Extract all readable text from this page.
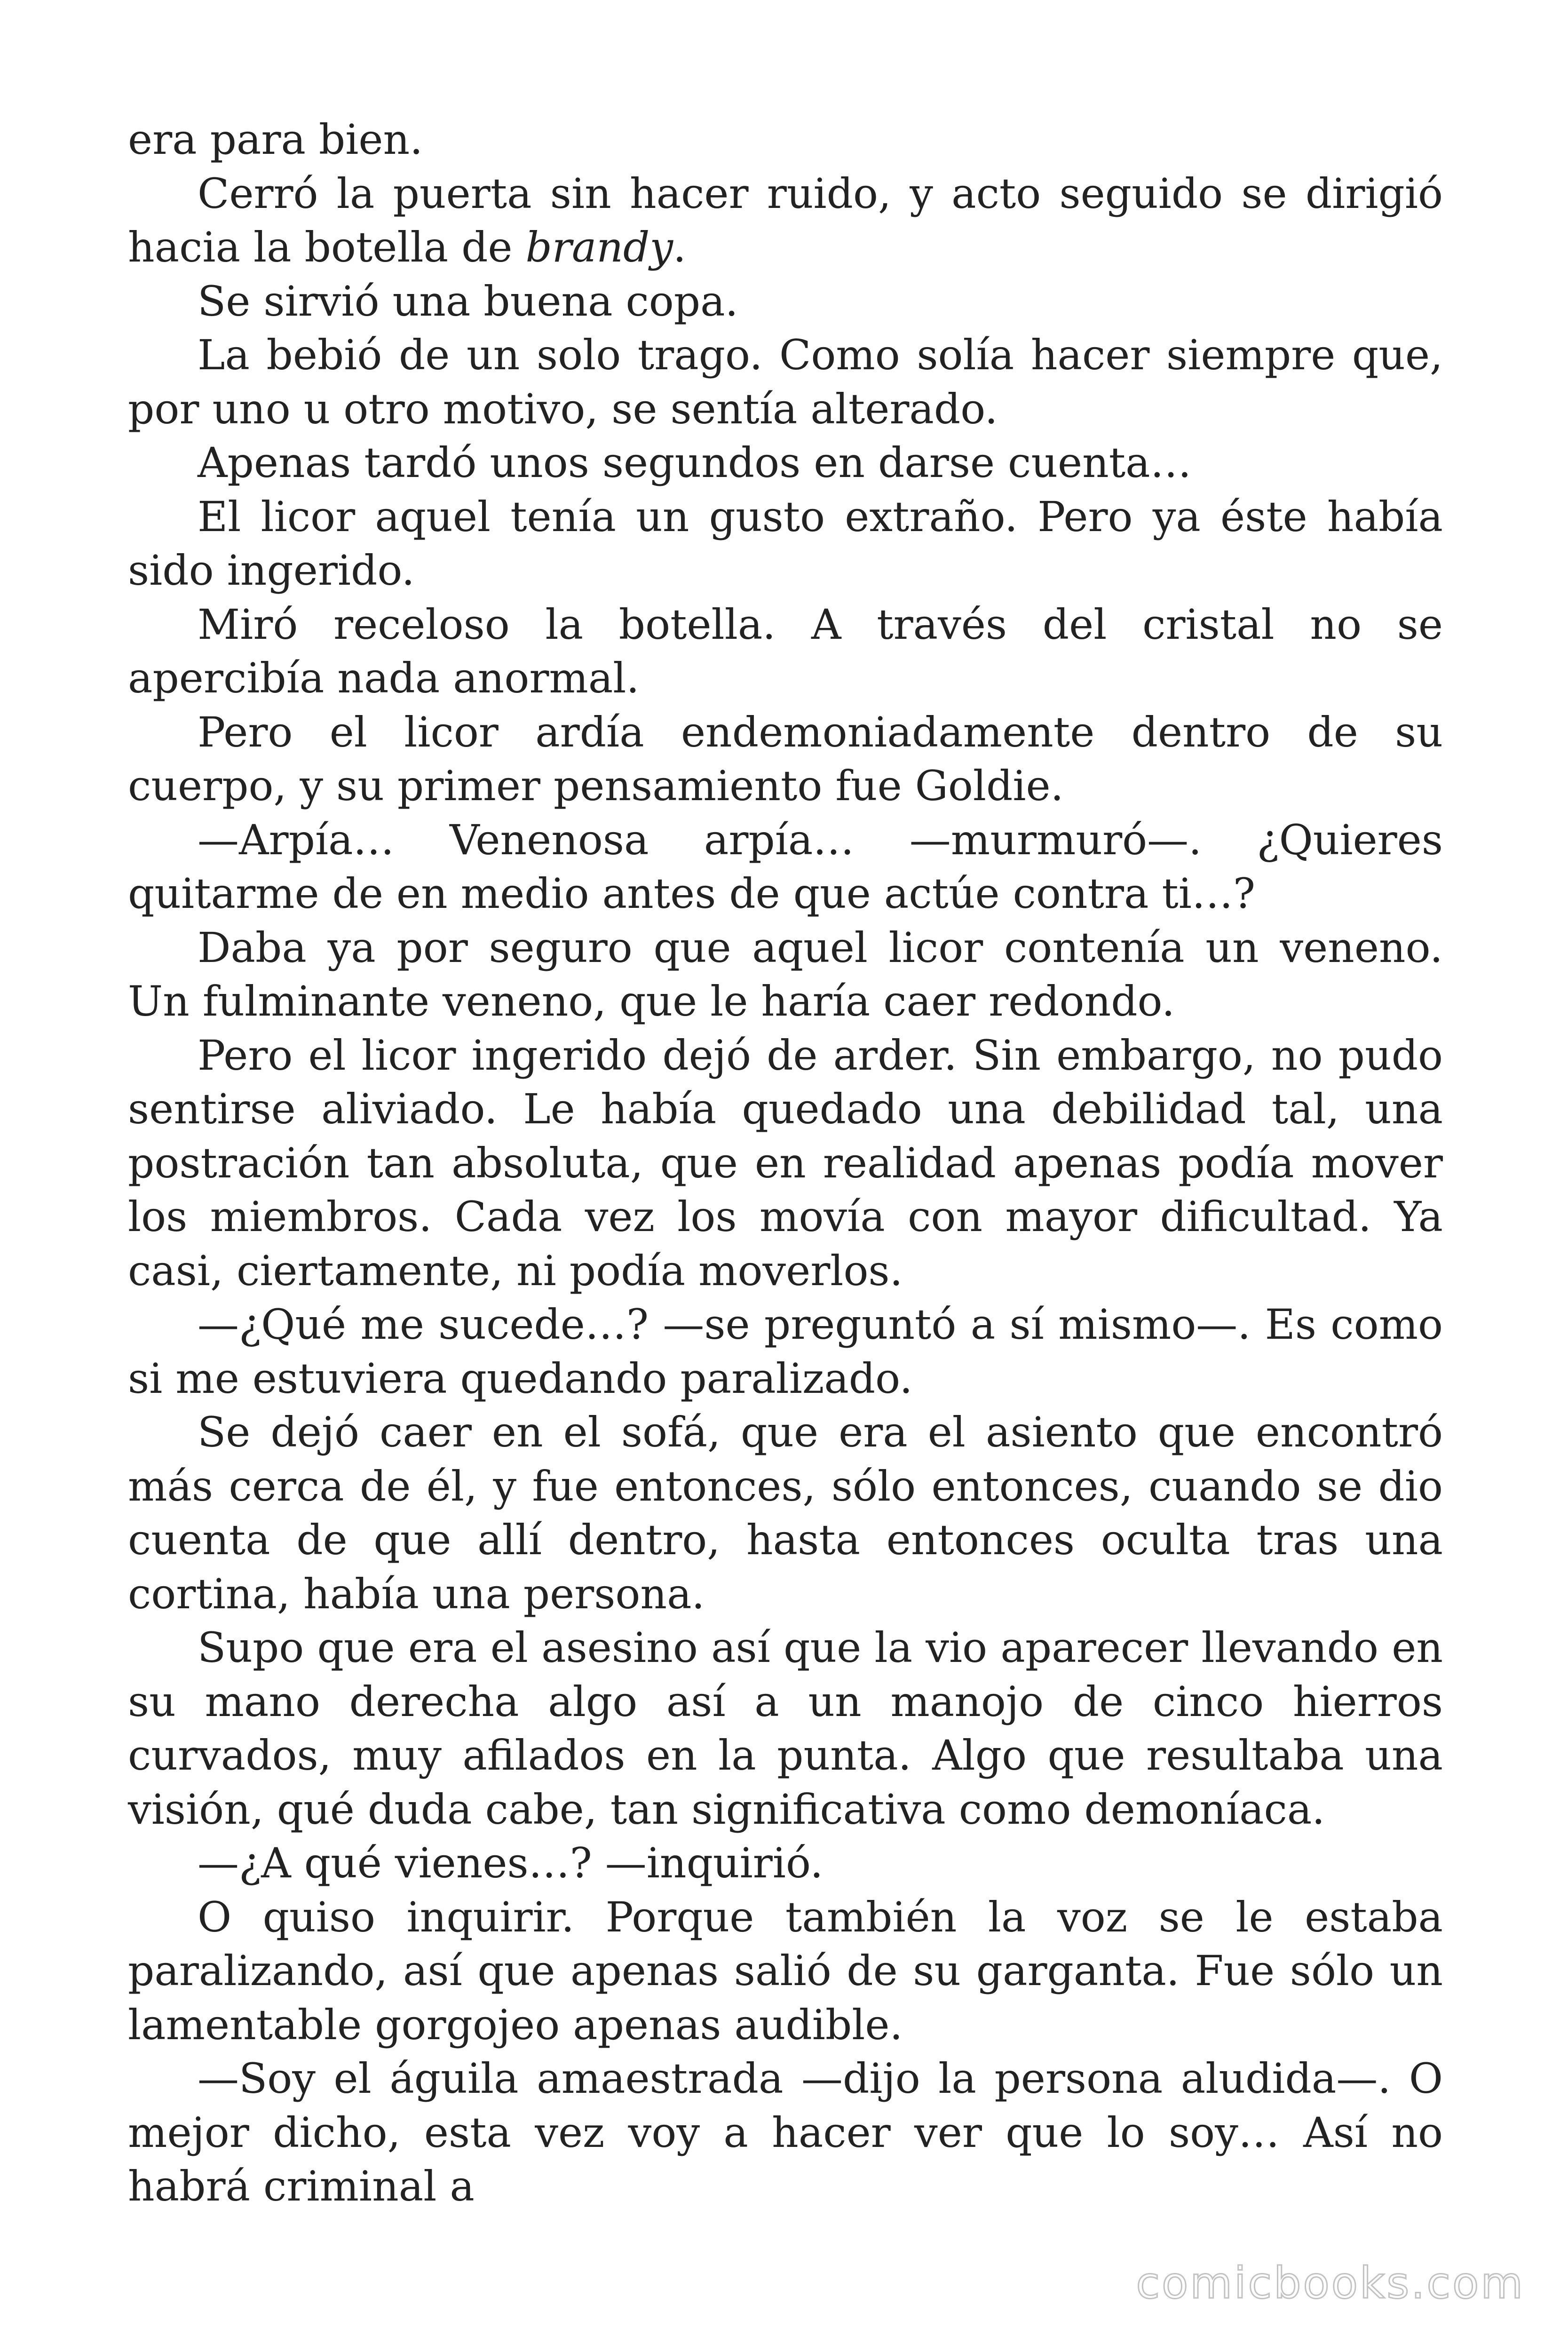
era para bien.

Cerró la puerta sin hacer ruido, y acto seguido se dirigió hacia la botella de brandy.

Se sirvió una buena copa.

La bebió de un solo trago. Como solía hacer siempre que, por uno u otro motivo, se sentía alterado.

Apenas tardó unos segundos en darse cuenta…

El licor aquel tenía un gusto extraño. Pero ya éste había sido ingerido.

Miró receloso la botella. A través del cristal no se apercibía nada anormal.

Pero el licor ardía endemoniadamente dentro de su cuerpo, y su primer pensamiento fue Goldie.

—Arpía… Venenosa arpía… —murmuró—. ¿Quieres quitarme de en medio antes de que actúe contra ti…?

Daba ya por seguro que aquel licor contenía un veneno. Un fulminante veneno, que le haría caer redondo.

Pero el licor ingerido dejó de arder. Sin embargo, no pudo sentirse aliviado. Le había quedado una debilidad tal, una postración tan absoluta, que en realidad apenas podía mover los miembros. Cada vez los movía con mayor dificultad. Ya casi, ciertamente, ni podía moverlos.

—¿Qué me sucede…? —se preguntó a sí mismo—. Es como si me estuviera quedando paralizado.

Se dejó caer en el sofá, que era el asiento que encontró más cerca de él, y fue entonces, sólo entonces, cuando se dio cuenta de que allí dentro, hasta entonces oculta tras una cortina, había una persona.

Supo que era el asesino así que la vio aparecer llevando en su mano derecha algo así a un manojo de cinco hierros curvados, muy afilados en la punta. Algo que resultaba una visión, qué duda cabe, tan significativa como demoníaca.

—¿A qué vienes…? —inquirió.

O quiso inquirir. Porque también la voz se le estaba paralizando, así que apenas salió de su garganta. Fue sólo un lamentable gorgojeo apenas audible.

—Soy el águila amaestrada —dijo la persona aludida—. O mejor dicho, esta vez voy a hacer ver que lo soy… Así no habrá criminal a

comicbooks.com
